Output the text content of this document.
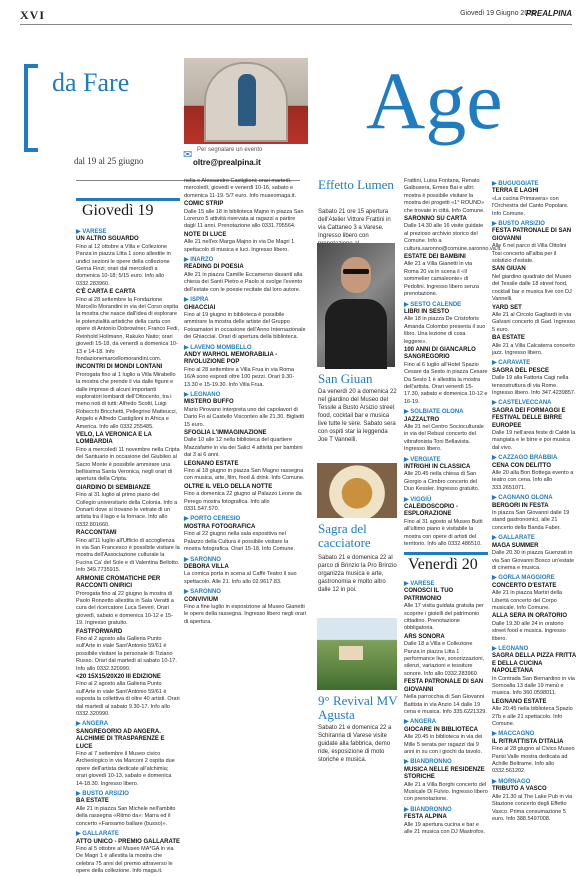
XVI	Giovedì 19 Giugno 2025
PREALPINA
da Fare
dal 19 al 25 giugno
Age
✉ Per segnalare un evento
oltre@prealpina.it
Giovedì 19
▶ VARESE
UN ALTRO SGUARDO
Fino al 12 ottobre a Villa e Collezione Panza in piazza Litta 1 sono allestite in undici sezioni le opere della collezione Gerna Finzi; orari dal mercoledì a domenica 10-18; 5/15 euro. Info allo 0332.283960.
C'È CARTA E CARTA
Fino al 28 settembre la Fondazione Marcello Morandini in via del Corso ospita la mostra che nasce dall'idea di esplorare le potenzialità artistiche della carta con opere di Antonio Dobrowlner, Franco Fedi, Reinhold Hollmann, Rakuko Naito; orari giovedì 15-18, da venerdì a domenica 10-13 e 14-18. Info fondazionemarcellomorandini.com.
INCONTRI DI MONDI LONTANI
Prorogata fino al 1 luglio a Villa Mirabello la mostra che prende il via dalle figure e dalle imprese di alcuni importanti esploratori lombardi dell'Ottocento, tra i meno noti di tutti: Alfredo Scotti, Luigi Robecchi Bricchetti, Pellegrino Matteucci, Angelo e Alfredo Castiglioni in Africa e America. Info allo 0332.255485.
VELO, LA VERONICA E LA LOMBARDIA
Fino a mercoledì 11 novembre nella Cripta del Santuario in occasione del Giubileo al Sacro Monte è possibile ammirare una bellissima Santa Veronica, negli orari di apertura della Cripta.
GIARDINO DI SEMBIANZE
Fino al 31 luglio al primo piano del Collegio universitario della Colonia. Info a Donarti dove si trovano le vetrate di un artista tra il lago e la fornace. Info allo 0332.801660.
RACCONTAMI
Fino all'11 luglio all'Ufficio di accoglienza in via San Francesco è possibile visitare la mostra dell'Associazione culturale la Fucina Ca' del Sole e di Valentina Bellotto. Info 349.7735915.
ARMONIE CROMATICHE PER RACCONTI ONIRICI
Prorogata fino al 22 giugno la mostra di Paolo Ronzetto allestita in Sala Veratti a cura del ricercatore Luca Severi. Orari giovedì, sabato e domenica 10-12 e 15-19. Ingresso gratuito.
FASTFORWARD
Fino al 2 agosto alla Galleria Punto sull'Arte in viale Sant'Antonio 59/61 è possibile visitare la personale di Tiziano Russo. Orari dal martedì al sabato 10-17. Info allo 0332.320990.
<20 15X15/20X20 III EDIZIONE
Fino al 2 agosto alla Galleria Punto sull'Arte in viale Sant'Antonio 59/61 è esposta la collettiva di oltre 40 artisti. Orari dal martedì al sabato 9.30-17. Info allo 0332.320990.
▶ ANGERA
SANGREGORIO AD ANGERA. ALCHIMIE DI TRASPARENZE E LUCE
Fino al 7 settembre il Museo civico Archeologico in via Marconi 2 ospita due opere dell'artista dedicate all'alchimia; orari giovedì 10-13, sabato e domenica 14-18.30. Ingresso libero.
▶ BUSTO ARSIZIO
BA ESTATE
Alle 21 in piazza San Michele nell'ambito della rassegna «Ritmo da»: Marra ed il concerto «Fansamo ballare (busso)».
▶ GALLARATE
ATTO UNICO - PREMIO GALLARATE
Fino al 5 ottobre al Museo MA*GA in via De Magri 1 è allestita la mostra che celebra 75 anni del premio attraverso le opere della collezione. Info maga.it.
nella e Alessandro Castiglioni; orari martedì, mercoledì, giovedì e venerdì 10-16, sabato e domenica 11-19. 5/7 euro. Info museomaga.it.
COMIC STRIP
Dalle 15 alle 18 in biblioteca Majno in piazza San Lorenzo 5 attività riservata ai ragazzi a partire dagli 11 anni. Prenotazione allo 0331.795564.
NOTE DI LUCE
Alle 21 nell'ex Marga Majno in via De Magri 1 spettacolo di musica e luci. Ingresso libero.
▶ INARZO
READING DI POESIA
Alle 21 in piazza Camille Eccamerso davanti alla chiesa dei Santi Pietro e Paolo si svolge l'evento dell'estate con le poesie recitate dal loro autore.
▶ ISPRA
GHIACCIAI
Fino al 19 giugno in biblioteca è possibile ammirare la mostra delle artiste del Gruppo Fotoamatori in occasione dell'Anno Internazionale dei Ghiacciai. Orari di apertura della biblioteca.
▶ LAVENO MOMBELLO
ANDY WARHOL MEMORABILIA - RIVOLUZIONE POP
Fino al 28 settembre a Villa Frua in via Roma 16/A sono esposti oltre 100 pezzi. Orari 9.30-13.30 e 15-19.30. Info Villa Frua.
▶ LEGNANO
MISTERO BUFFO
Mario Pirovano interpreta uno dei capolavori di Dario Fo al Castello Visconteo alle 21.30. Biglietti 15 euro.
SFOGLIA L'IMMAGINAZIONE
Dalle 10 alle 12 nella biblioteca del quartiere Mazzafame in via dei Salici 4 attività per bambini dai 3 ai 6 anni.
LEGNANO ESTATE
Fino al 18 giugno in piazza San Magno rassegna con musica, arte, film, food & drink. Info Comune.
OLTRE IL VELO DELLA NOTTE
Fino a domenica 22 giugno al Palazzo Leone da Perego mostra fotografica. Info allo 0331.547.570.
▶ PORTO CERESIO
MOSTRA FOTOGRAFICA
Fino al 22 giugno nella sala espositiva nel Palazzo della Cultura è possibile visitare la mostra fotografica. Orari 15-18. Info Comune.
▶ SARONNO
DEBORA VILLA
La comica porta in scena al Caffè Teatro il suo spettacolo. Alle 21. Info allo 02.9617.83.
▶ SARONNO
CONVIVIUM
Fino a fine luglio in esposizione al Museo Gianetti le opere della rassegna. Ingresso libero negli orari di apertura.
Effetto Lumen
Sabato 21 ore 15 apertura dell'Atelier Vittore Frattini in via Cattaneo 3 a Varese. Ingresso libero con
San Giuan
Da venerdì 20 a domenica 22 nel giardino del Museo del Tessile a Busto Arsizio street food, cocktail bar e musica live tutte le sere. Sabato sera con ospiti star la leggenda Joe T Vannelli.
Sagra del cacciatore
Sabato 21 e domenica 22 al parco di Brinzio la Pro Brinzio organizza musica e arte, gastronomia e molto altro dalle 12 in poi.
9° Revival MV Agusta
Sabato 21 e domenica 22 a Schiranna di Varese visite guidate alla fabbrica, demo ride, esposizione di moto storiche e musica.
Frattini, Luisa Fontana, Renato Galbusera, Ermes Bai e altri; mostra è possibile visitare la mostra dei progetti «1° ROUND» che trovate in città. Info Comune.
SARONNO SU CARTA
Dalle 14.30 alle 16 visite guidate al prezioso archivio storico del Comune. Info a cultura.saronno@comune.saronno.va.it.
ESTATE DEI BAMBINI
Alle 21 a Villa Gianetti in via Roma 20 va in scena il «Il sommelier camaleonte» di Pedolini. Ingresso libero senza prenotazione.
▶ SESTO CALENDE
LIBRI IN SESTO
Alle 18 in piazza De Cristoforis Amanda Colombo presenta il suo libro. Una lezione di cosa leggere».
100 ANNI DI GIANCARLO SANGREGORIO
Fino al 6 luglio all'Hotel Spazio Cesare da Sesto in piazza Cesare Da Sesto 1 è allestita la mostra dell'artista. Orari venerdì 15-17.30, sabato e domenica 10-12 e 16-19.
▶ SOLBIATE OLONA
JAZZALTRO
Alle 21 nel Centro Socioculturale in via del Rebusi concerto del vibrafonista Toni Bellavista. Ingresso libero.
▶ VERGIATE
INTRIGHI IN CLASSICA
Alle 20.45 nella chiesa di San Giorgio a Cimbro concerto del Duo Kessler. Ingresso gratuito.
▶ VIGGIÙ
CALEIDOSCOPIO - ESPLORAZIONE
Fino al 31 agosto al Museo Butti all'ultimo piano è visitabile la mostra con opere di artisti del territorio. Info allo 0332.486510.
Venerdì 20
▶ VARESE
CONOSCI IL TUO PATRIMONIO
Alle 17 visita guidata gratuita per scoprire i gioielli del patrimonio cittadino. Prenotazione obbligatoria.
ARS SONORA
Dalle 18 a Villa e Collezione Panza in piazza Litta 1 performance live, sonorizzazioni, silenzi, variazioni e tessiture sonore. Info allo 0332.283960.
FESTA PATRONALE DI SAN GIOVANNI
Nella parrocchia di San Giovanni Battista in via Anzio 14 dalle 19 cena e musica. Info 335.6221329.
▶ ANGERA
GIOCARE IN BIBLIOTECA
Alle 20.45 in biblioteca in via dei Mille 5 serata per ragazzi dai 9 anni in su con i giochi da tavolo.
▶ BIANDRONNO
MUSICA NELLE RESIDENZE STORICHE
Alle 21 a Villa Borghi concerto del Musicale Di Fulvio. Ingresso libero con prenotazione.
▶ BIANDRONNO
FESTA ALPINA
Alle 19 apertura cucina e bar e alle 21 musica con DJ Mastrofox.
▶ BUGUGGIATE
TERRA E LAGHI
«La cucina Primavera» con l'Orchestra del Canto Popolare. Info Comune.
▶ BUSTO ARSIZIO
FESTA PATRONALE DI SAN GIOVANNI
Alle 6 nel parco di Villa Ottolini Tosi concerto all'alba per il solstizio d'estate.
SAN GIUAN
Nel giardino quadrato del Museo del Tessile dalle 18 street food, cocktail bar e musica live con DJ Vannelli.
YARD SET
Alle 21 al Circolo Gagliardi in via Galvani concerto di Gad. Ingresso 5 euro.
BA ESTATE
Alle 21 a Villa Calcaterra concerto jazz. Ingresso libero.
▶ CARAVATE
SAGRA DEL PESCE
Dalle 19 alla Fattoria Cagi nella tensostruttura di via Rome. Ingresso libero. Info 347.4239857.
▶ CASTELVECCANA
SAGRA DEI FORMAGGI E FESTIVAL DELLE BIRRE EUROPEE
Dalle 19 nell'area feste di Caldè la mangiata e le birre e poi musica dal vivo.
▶ CAZZAGO BRABBIA
CENA CON DELITTO
Alle 20 alla Bon Bottega evento a teatro con cena. Info allo 333.2651071.
▶ CAGNANO OLONA
BERGORI IN FESTA
In piazza San Giovanni dalle 19 stand gastronomici, alle 21 concerto della Banda Faber.
▶ GALLARATE
MAGA SUMMER
Dalle 20.30 in piazza Guenzati in via San Giovanni Bosco un'estate di cinema e musica.
▶ GORLA MAGGIORE
CONCERTO D'ESTATE
Alle 21 in piazza Martiri della Libertà concerto del Corpo musicale. Info Comune.
ALLA SERA IN ORATORIO
Dalle 19.30 alle 24 in oratorio street food e musica. Ingresso libero.
▶ LEGNANO
SAGRA DELLA PIZZA FRITTA E DELLA CUCINA NAPOLETANA
In Contrada San Bernardino in via Sornoalla 13 dalle 19 menù e musica. Info 360.0598011.
LEGNANO ESTATE
Alle 20.45 nella biblioteca Spazio 27b e alle 21 spettacolo. Info Comune.
▶ MACCAGNO
IL RITRATTISTA D'ITALIA
Fino al 28 giugno al Civico Museo Parisi Valle mostra dedicata ad Achille Beltrame. Info allo 0332.561202.
▶ MORNAGO
TRIBUTO A VASCO
Alle 21.30 al The Lake Pub in via Stazione concerto degli Effetto Vasco. Prima consumazione 5 euro. Info 388.5497008.
